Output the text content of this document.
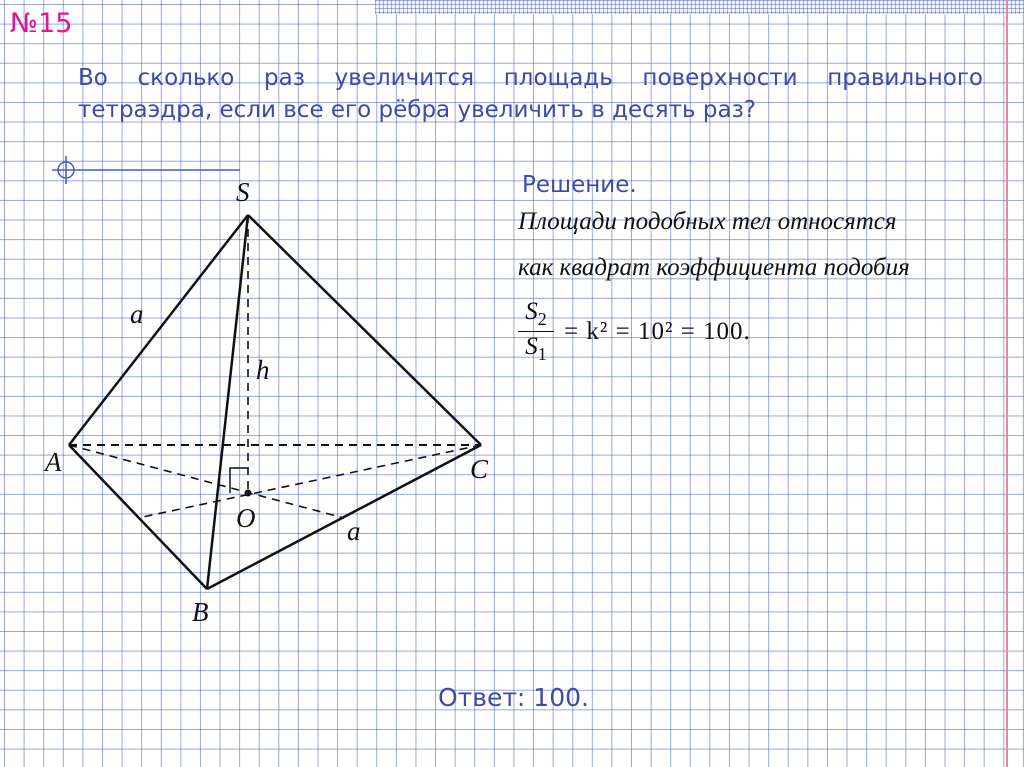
№15
Во сколько раз увеличится площадь поверхности правильного тетраэдра, если все его рёбра увеличить в десять раз?
S
A
B
C
O
a
a
h
Решение.
Площади подобных тел относятся
как квадрат коэффициента подобия
$\frac{S_2}{S_1} = k^2 = 10^2 = 100$.
Ответ: 100.
